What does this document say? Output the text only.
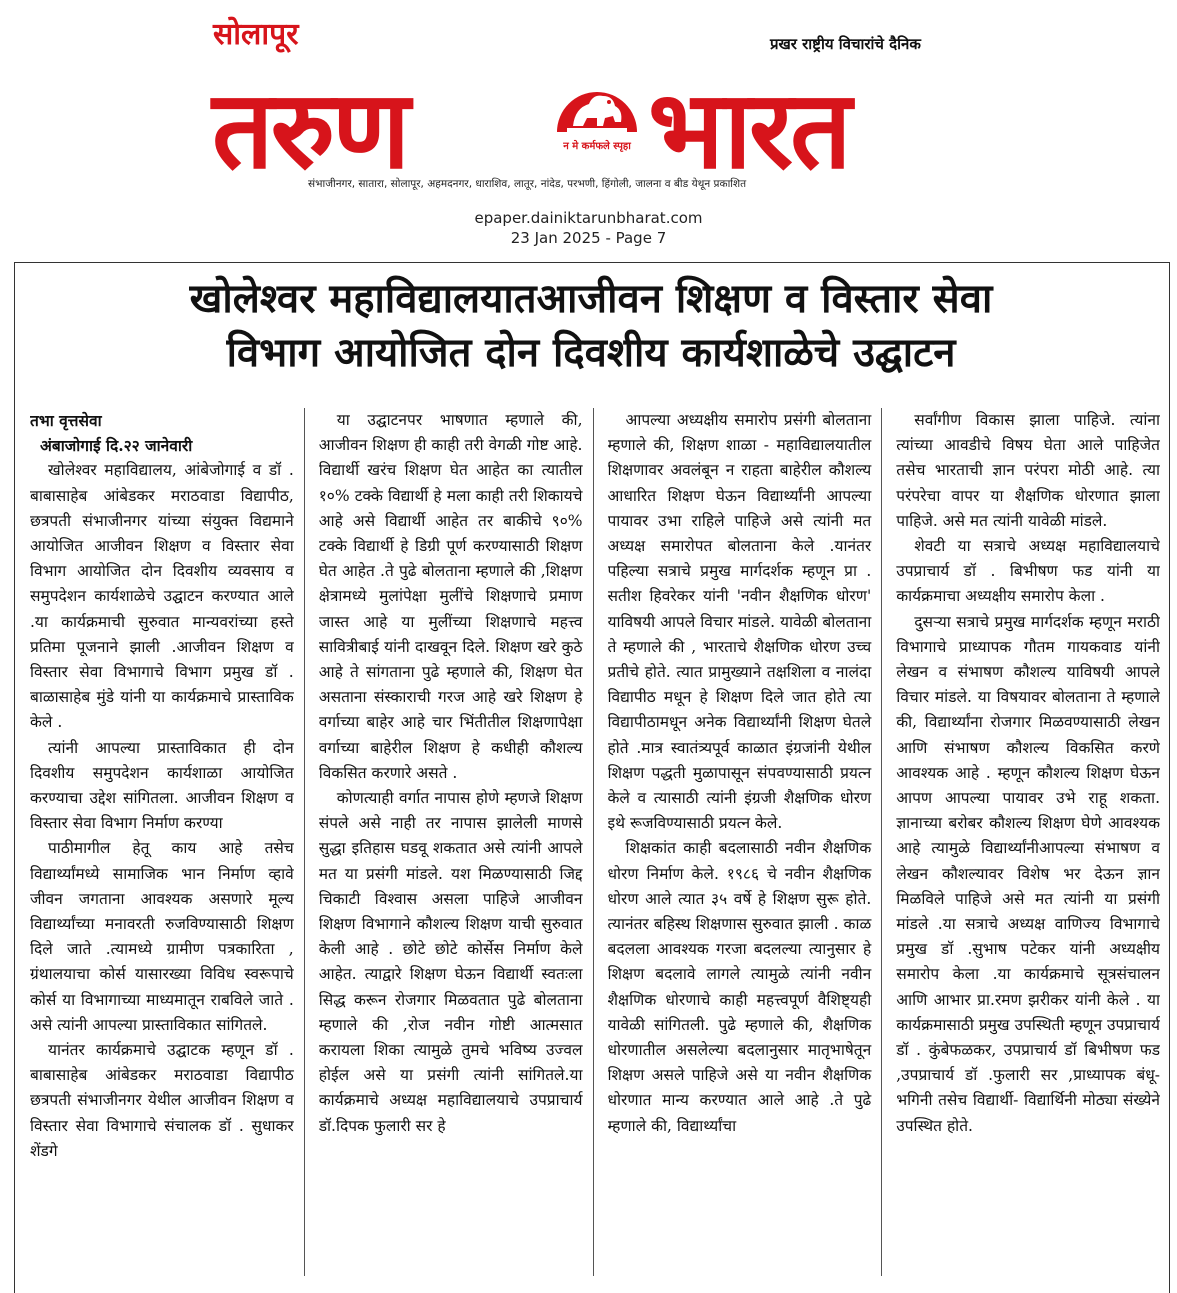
सोलापूर	प्रखर राष्ट्रीय विचारांचे दैनिक
तरुण	न मे कर्मफले स्पृहा भारत
संभाजीनगर, सातारा, सोलापूर, अहमदनगर, धाराशिव, लातूर, नांदेड, परभणी, हिंगोली, जालना व बीड येथून प्रकाशित
epaper.dainiktarunbharat.com
23 Jan 2025 - Page 7
खोलेश्वर महाविद्यालयातआजीवन शिक्षण व विस्तार सेवा
विभाग आयोजित दोन दिवशीय कार्यशाळेचे उद्घाटन

तभा वृत्तसेवा

अंबाजोगाई दि.२२ जानेवारी

खोलेश्वर महाविद्यालय, आंबेजोगाई व डॉ . बाबासाहेब आंबेडकर मराठवाडा विद्यापीठ, छत्रपती संभाजीनगर यांच्या संयुक्त विद्यमाने आयोजित आजीवन शिक्षण व विस्तार सेवा विभाग आयोजित दोन दिवशीय व्यवसाय व समुपदेशन कार्यशाळेचे उद्घाटन करण्यात आले .या कार्यक्रमाची सुरुवात मान्यवरांच्या हस्ते प्रतिमा पूजनाने झाली .आजीवन शिक्षण व विस्तार सेवा विभागाचे विभाग प्रमुख डॉ . बाळासाहेब मुंडे यांनी या कार्यक्रमाचे प्रास्ताविक केले .

त्यांनी आपल्या प्रास्ताविकात ही दोन दिवशीय समुपदेशन कार्यशाळा आयोजित करण्याचा उद्देश सांगितला. आजीवन शिक्षण व विस्तार सेवा विभाग निर्माण करण्या

पाठीमागील हेतू काय आहे तसेच विद्यार्थ्यांमध्ये सामाजिक भान निर्माण व्हावे जीवन जगताना आवश्यक असणारे मूल्य विद्यार्थ्यांच्या मनावरती रुजविण्यासाठी शिक्षण दिले जाते .त्यामध्ये ग्रामीण पत्रकारिता , ग्रंथालयाचा कोर्स यासारख्या विविध स्वरूपाचे कोर्स या विभागाच्या माध्यमातून राबविले जाते . असे त्यांनी आपल्या प्रास्ताविकात सांगितले.

यानंतर कार्यक्रमाचे उद्घाटक म्हणून डॉ . बाबासाहेब आंबेडकर मराठवाडा विद्यापीठ छत्रपती संभाजीनगर येथील आजीवन शिक्षण व विस्तार सेवा विभागाचे संचालक डॉ . सुधाकर शेंडगे

या उद्घाटनपर भाषणात म्हणाले की, आजीवन शिक्षण ही काही तरी वेगळी गोष्ट आहे. विद्यार्थी खरंच शिक्षण घेत आहेत का त्यातील १०% टक्के विद्यार्थी हे मला काही तरी शिकायचे आहे असे विद्यार्थी आहेत तर बाकीचे ९०% टक्के विद्यार्थी हे डिग्री पूर्ण करण्यासाठी शिक्षण घेत आहेत .ते पुढे बोलताना म्हणाले की ,शिक्षण क्षेत्रामध्ये मुलांपेक्षा मुलींचे शिक्षणाचे प्रमाण जास्त आहे या मुलींच्या शिक्षणाचे महत्त्व सावित्रीबाई यांनी दाखवून दिले. शिक्षण खरे कुठे आहे ते सांगताना पुढे म्हणाले की, शिक्षण घेत असताना संस्काराची गरज आहे खरे शिक्षण हे वर्गाच्या बाहेर आहे चार भिंतीतील शिक्षणापेक्षा वर्गाच्या बाहेरील शिक्षण हे कधीही कौशल्य विकसित करणारे असते .

कोणत्याही वर्गात नापास होणे म्हणजे शिक्षण संपले असे नाही तर नापास झालेली माणसे सुद्धा इतिहास घडवू शकतात असे त्यांनी आपले मत या प्रसंगी मांडले. यश मिळण्यासाठी जिद्द चिकाटी विश्वास असला पाहिजे आजीवन शिक्षण विभागाने कौशल्य शिक्षण याची सुरुवात केली आहे . छोटे छोटे कोर्सेस निर्माण केले आहेत. त्याद्वारे शिक्षण घेऊन विद्यार्थी स्वतःला सिद्ध करून रोजगार मिळवतात पुढे बोलताना म्हणाले की ,रोज नवीन गोष्टी आत्मसात करायला शिका त्यामुळे तुमचे भविष्य उज्वल होईल असे या प्रसंगी त्यांनी सांगितले.या कार्यक्रमाचे अध्यक्ष महाविद्यालयाचे उपप्राचार्य डॉ.दिपक फुलारी सर हे

आपल्या अध्यक्षीय समारोप प्रसंगी बोलताना म्हणाले की, शिक्षण शाळा - महाविद्यालयातील शिक्षणावर अवलंबून न राहता बाहेरील कौशल्य आधारित शिक्षण घेऊन विद्यार्थ्यांनी आपल्या पायावर उभा राहिले पाहिजे असे त्यांनी मत अध्यक्ष समारोपत बोलताना केले .यानंतर पहिल्या सत्राचे प्रमुख मार्गदर्शक म्हणून प्रा . सतीश हिवरेकर यांनी 'नवीन शैक्षणिक धोरण' याविषयी आपले विचार मांडले. यावेळी बोलताना ते म्हणाले की , भारताचे शैक्षणिक धोरण उच्च प्रतीचे होते. त्यात प्रामुख्याने तक्षशिला व नालंदा विद्यापीठ मधून हे शिक्षण दिले जात होते त्या विद्यापीठामधून अनेक विद्यार्थ्यांनी शिक्षण घेतले होते .मात्र स्वातंत्र्यपूर्व काळात इंग्रजांनी येथील शिक्षण पद्धती मुळापासून संपवण्यासाठी प्रयत्न केले व त्यासाठी त्यांनी इंग्रजी शैक्षणिक धोरण इथे रूजविण्यासाठी प्रयत्न केले.

शिक्षकांत काही बदलासाठी नवीन शैक्षणिक धोरण निर्माण केले. १९८६ चे नवीन शैक्षणिक धोरण आले त्यात ३५ वर्षे हे शिक्षण सुरू होते. त्यानंतर बहिस्थ शिक्षणास सुरुवात झाली . काळ बदलला आवश्यक गरजा बदलल्या त्यानुसार हे शिक्षण बदलावे लागले त्यामुळे त्यांनी नवीन शैक्षणिक धोरणाचे काही महत्त्वपूर्ण वैशिष्ट्यही यावेळी सांगितली. पुढे म्हणाले की, शैक्षणिक धोरणातील असलेल्या बदलानुसार मातृभाषेतून शिक्षण असले पाहिजे असे या नवीन शैक्षणिक धोरणात मान्य करण्यात आले आहे .ते पुढे म्हणाले की, विद्यार्थ्यांचा

सर्वांगीण विकास झाला पाहिजे. त्यांना त्यांच्या आवडीचे विषय घेता आले पाहिजेत तसेच भारताची ज्ञान परंपरा मोठी आहे. त्या परंपरेचा वापर या शैक्षणिक धोरणात झाला पाहिजे. असे मत त्यांनी यावेळी मांडले.

शेवटी या सत्राचे अध्यक्ष महाविद्यालयाचे उपप्राचार्य डॉ . बिभीषण फड यांनी या कार्यक्रमाचा अध्यक्षीय समारोप केला .

दुसऱ्या सत्राचे प्रमुख मार्गदर्शक म्हणून मराठी विभागाचे प्राध्यापक गौतम गायकवाड यांनी लेखन व संभाषण कौशल्य याविषयी आपले विचार मांडले. या विषयावर बोलताना ते म्हणाले की, विद्यार्थ्यांना रोजगार मिळवण्यासाठी लेखन आणि संभाषण कौशल्य विकसित करणे आवश्यक आहे . म्हणून कौशल्य शिक्षण घेऊन आपण आपल्या पायावर उभे राहू शकता. ज्ञानाच्या बरोबर कौशल्य शिक्षण घेणे आवश्यक आहे त्यामुळे विद्यार्थ्यांनीआपल्या संभाषण व लेखन कौशल्यावर विशेष भर देऊन ज्ञान मिळविले पाहिजे असे मत त्यांनी या प्रसंगी मांडले .या सत्राचे अध्यक्ष वाणिज्य विभागाचे प्रमुख डॉ .सुभाष पटेकर यांनी अध्यक्षीय समारोप केला .या कार्यक्रमाचे सूत्रसंचालन आणि आभार प्रा.रमण झरीकर यांनी केले . या कार्यक्रमासाठी प्रमुख उपस्थिती म्हणून उपप्राचार्य डॉ . कुंबेफळकर, उपप्राचार्य डॉ बिभीषण फड ,उपप्राचार्य डॉ .फुलारी सर ,प्राध्यापक बंधू- भगिनी तसेच विद्यार्थी- विद्यार्थिनी मोठ्या संख्येने उपस्थित होते.
